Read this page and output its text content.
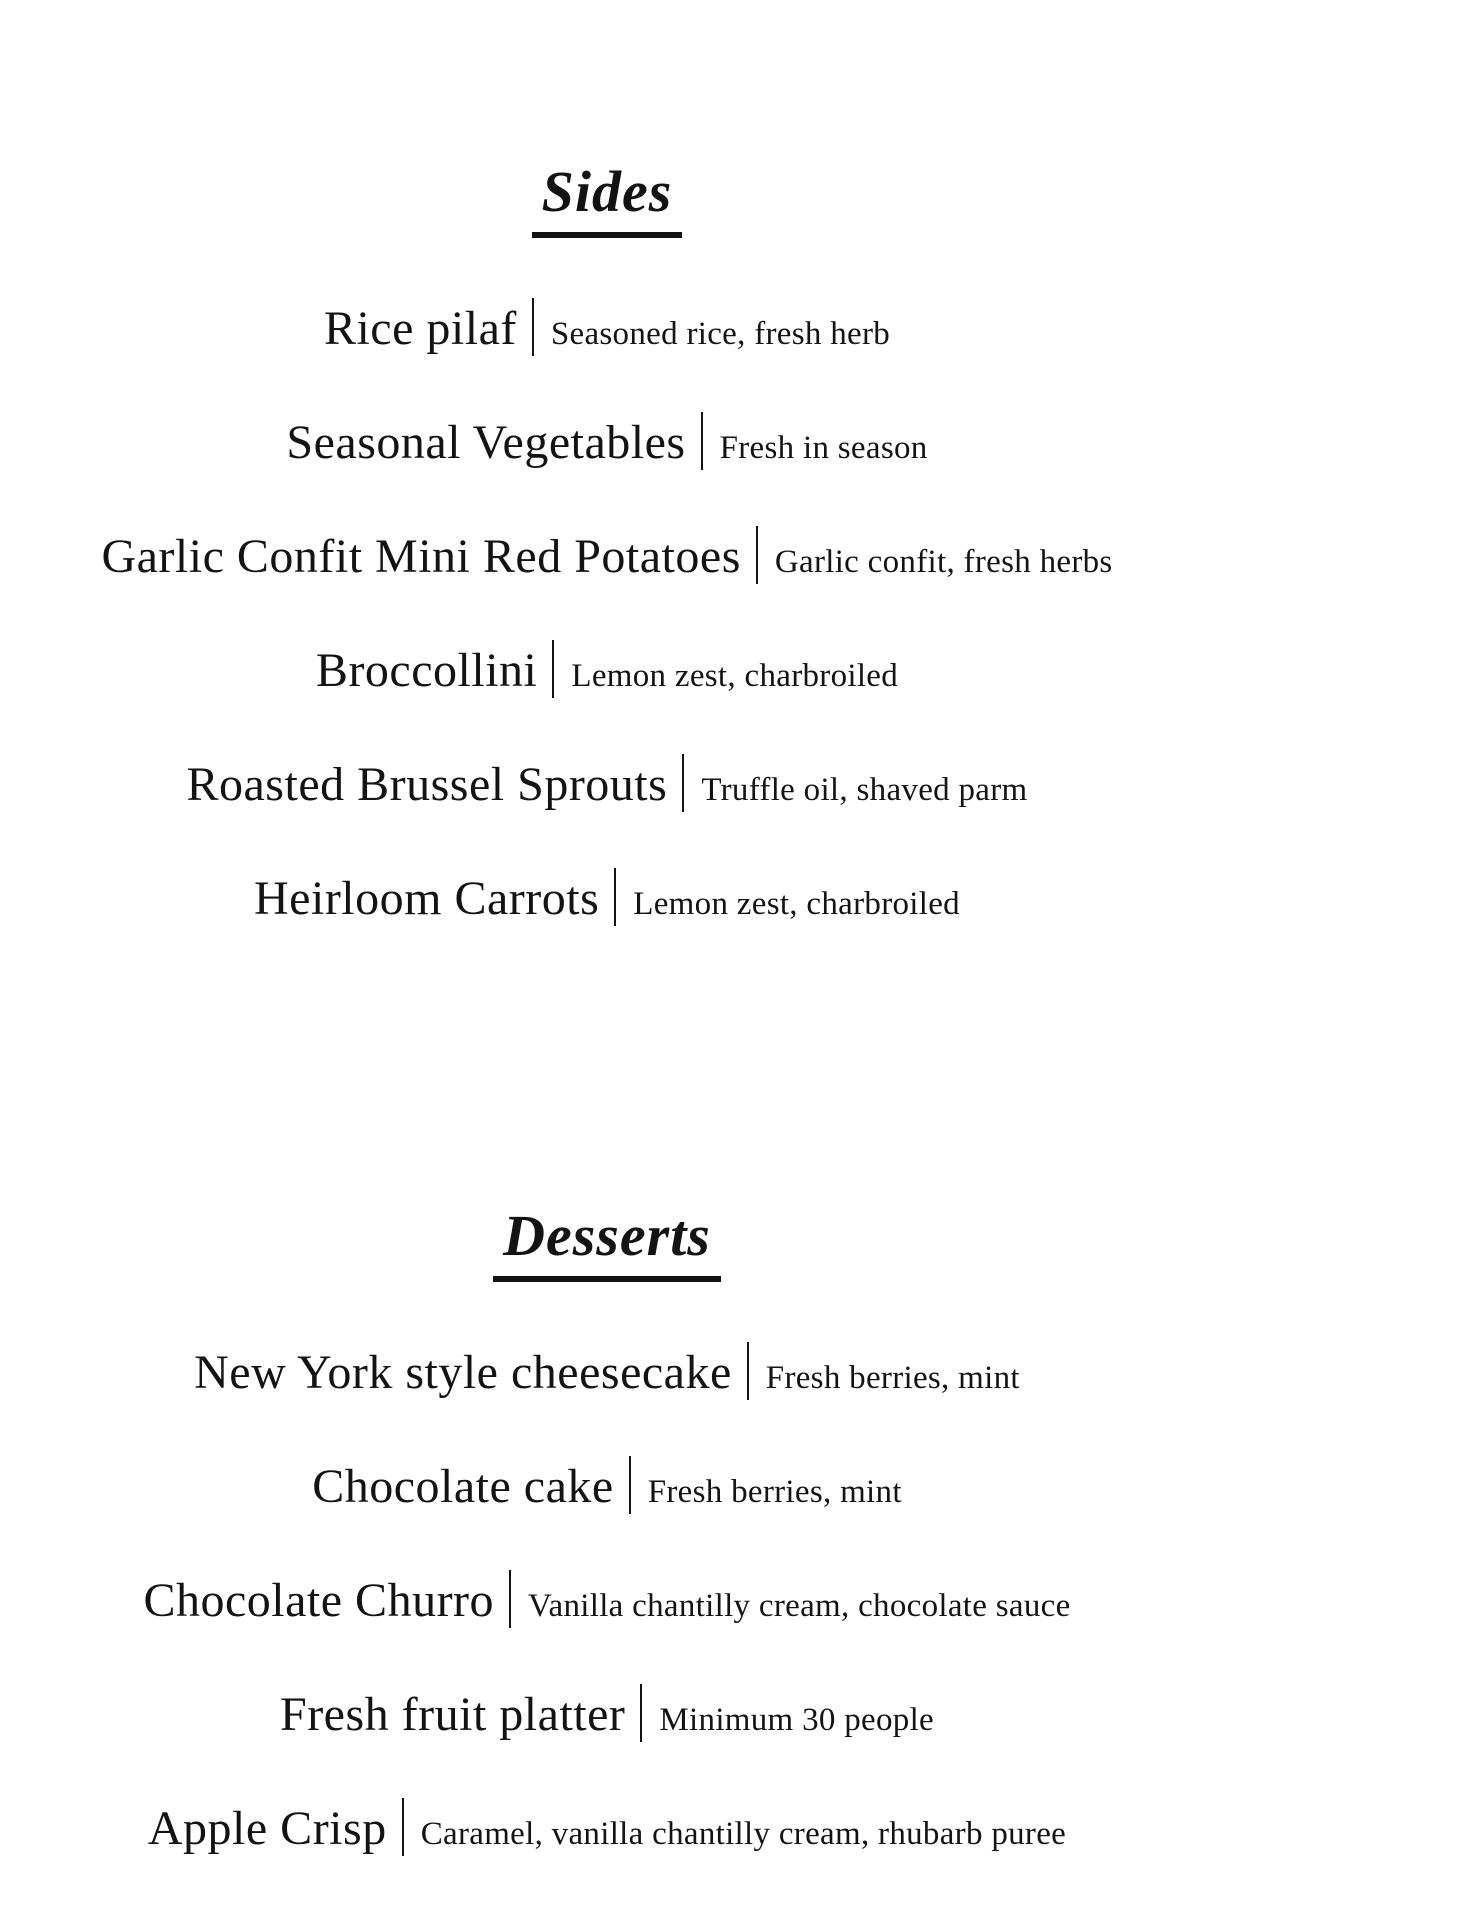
Sides
Rice pilaf Seasoned rice, fresh herb
Seasonal Vegetables Fresh in season
Garlic Confit Mini Red Potatoes Garlic confit, fresh herbs
Broccollini Lemon zest, charbroiled
Roasted Brussel Sprouts Truffle oil, shaved parm
Heirloom Carrots Lemon zest, charbroiled
Desserts
New York style cheesecake Fresh berries, mint
Chocolate cake Fresh berries, mint
Chocolate Churro Vanilla chantilly cream, chocolate sauce
Fresh fruit platter Minimum 30 people
Apple Crisp Caramel, vanilla chantilly cream, rhubarb puree
